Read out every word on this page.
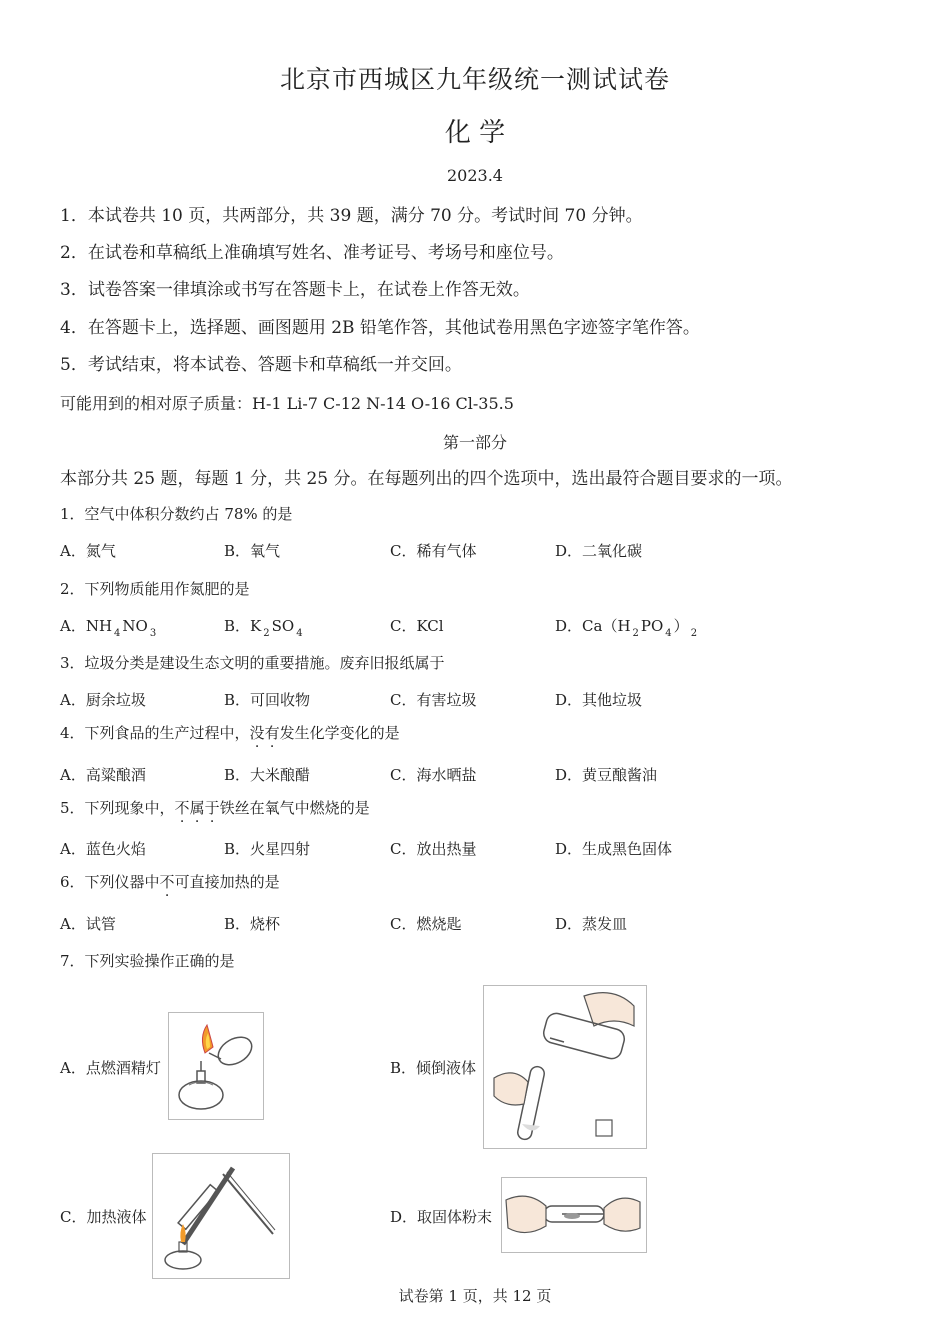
北京市西城区九年级统一测试试卷
化 学
2023.4
1．本试卷共 10 页，共两部分，共 39 题，满分 70 分。考试时间 70 分钟。
2．在试卷和草稿纸上准确填写姓名、准考证号、考场号和座位号。
3．试卷答案一律填涂或书写在答题卡上，在试卷上作答无效。
4．在答题卡上，选择题、画图题用 2B 铅笔作答，其他试卷用黑色字迹签字笔作答。
5．考试结束，将本试卷、答题卡和草稿纸一并交回。
可能用到的相对原子质量：H-1 Li-7 C-12 N-14 O-16 Cl-35.5
第一部分
本部分共 25 题，每题 1 分，共 25 分。在每题列出的四个选项中，选出最符合题目要求的一项。
1．空气中体积分数约占 78% 的是
A．氮气	B．氧气	C．稀有气体	D．二氧化碳
2．下列物质能用作氮肥的是
A．NH $_4$ NO $_3$	B．K $_2$ SO $_4$	C．KCl	D．Ca（H $_2$ PO $_4$ ） $_2$
3．垃圾分类是建设生态文明的重要措施。废弃旧报纸属于
A．厨余垃圾	B．可回收物	C．有害垃圾	D．其他垃圾
4．下列食品的生产过程中，没有发生化学变化的是
A．高粱酿酒	B．大米酿醋	C．海水晒盐	D．黄豆酿酱油
5．下列现象中，不属于铁丝在氧气中燃烧的是
A．蓝色火焰	B．火星四射	C．放出热量	D．生成黑色固体
6．下列仪器中不可直接加热的是
A．试管	B．烧杯	C．燃烧匙	D．蒸发皿
7．下列实验操作正确的是
A．点燃酒精灯	B．倾倒液体
C．加热液体	D．取固体粉末
试卷第 1 页，共 12 页
